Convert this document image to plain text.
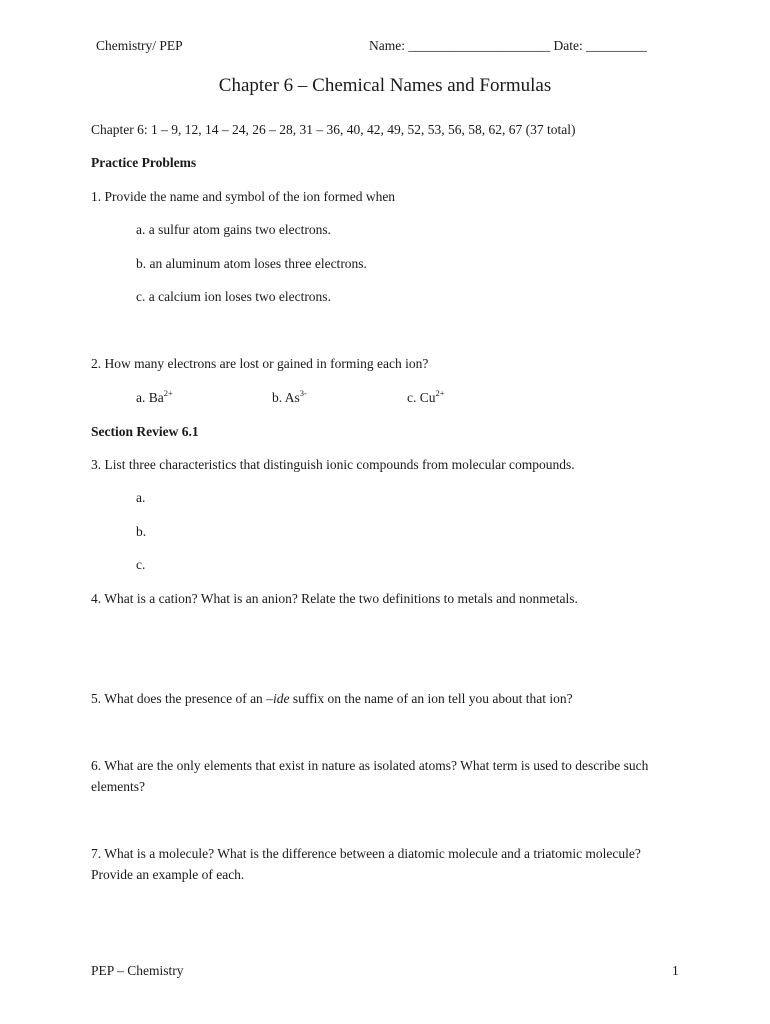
Chemistry/ PEP	Name: _____________________ Date: _________
Chapter 6 – Chemical Names and Formulas
Chapter 6: 1 – 9, 12, 14 – 24, 26 – 28, 31 – 36, 40, 42, 49, 52, 53, 56, 58, 62, 67 (37 total)
Practice Problems
1. Provide the name and symbol of the ion formed when
a. a sulfur atom gains two electrons.
b. an aluminum atom loses three electrons.
c. a calcium ion loses two electrons.
2. How many electrons are lost or gained in forming each ion?
a. $Ba^{2+}$	b. $As^{3-}$	c. $Cu^{2+}$
Section Review 6.1
3. List three characteristics that distinguish ionic compounds from molecular compounds.
a.
b.
c.
4. What is a cation? What is an anion? Relate the two definitions to metals and nonmetals.
5. What does the presence of an –ide suffix on the name of an ion tell you about that ion?
6. What are the only elements that exist in nature as isolated atoms? What term is used to describe such elements?
7. What is a molecule? What is the difference between a diatomic molecule and a triatomic molecule? Provide an example of each.
PEP – Chemistry	1
